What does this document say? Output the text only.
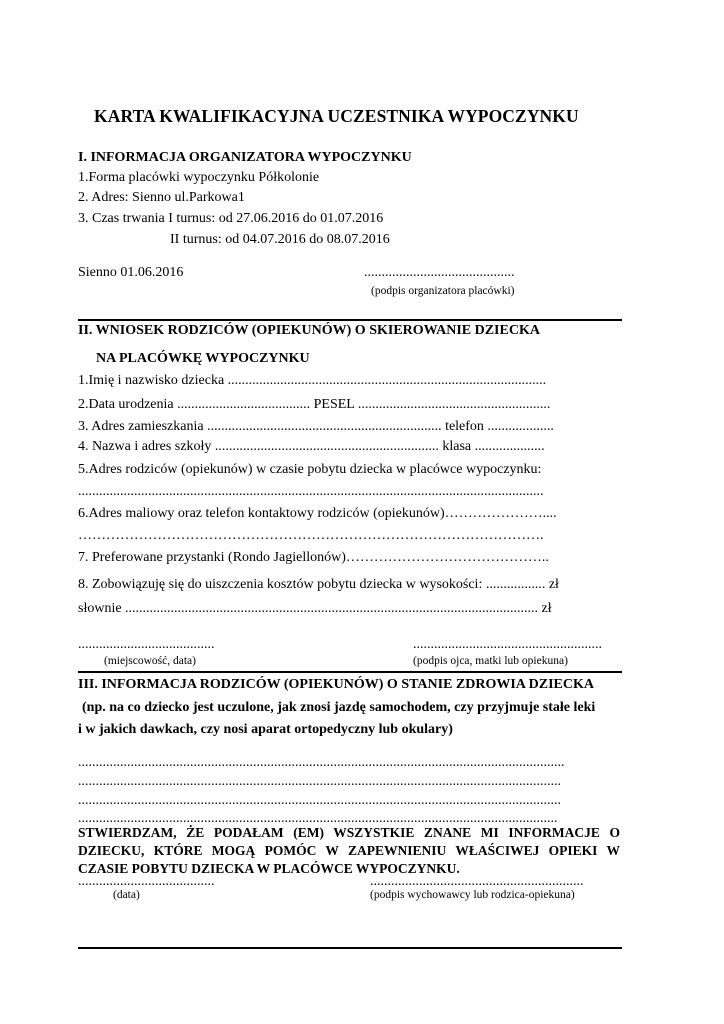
KARTA KWALIFIKACYJNA UCZESTNIKA WYPOCZYNKU
I. INFORMACJA ORGANIZATORA WYPOCZYNKU
1.Forma placówki wypoczynku Półkolonie
2. Adres: Sienno ul.Parkowa1
3. Czas trwania I turnus: od 27.06.2016 do 01.07.2016
II turnus: od 04.07.2016 do 08.07.2016
Sienno 01.06.2016	...........................................
(podpis organizatora placówki)
II. WNIOSEK RODZICÓW (OPIEKUNÓW) O SKIEROWANIE DZIECKA
NA PLACÓWKĘ WYPOCZYNKU
1.Imię i nazwisko dziecka ...........................................................................................
2.Data urodzenia ...................................... PESEL .......................................................
3. Adres zamieszkania ................................................................... telefon ...................
4. Nazwa i adres szkoły ................................................................ klasa ....................
5.Adres rodziców (opiekunów) w czasie pobytu dziecka w placówce wypoczynku:
.....................................................................................................................................
6.Adres maliowy oraz telefon kontaktowy rodziców (opiekunów)…………………....
……………………………………………………………………………………….
7. Preferowane przystanki (Rondo Jagiellonów)……………………………………..
8. Zobowiązuję się do uiszczenia kosztów pobytu dziecka w wysokości: ................. zł
słownie ...................................................................................................................... zł
.......................................
(miejscowość, data)
......................................................
(podpis ojca, matki lub opiekuna)
III. INFORMACJA RODZICÓW (OPIEKUNÓW) O STANIE ZDROWIA DZIECKA
(np. na co dziecko jest uczulone, jak znosi jazdę samochodem, czy przyjmuje stałe leki
i w jakich dawkach, czy nosi aparat ortopedyczny lub okulary)
...........................................................................................................................................
..........................................................................................................................................
..........................................................................................................................................
.........................................................................................................................................
STWIERDZAM, ŻE PODAŁAM (EM) WSZYSTKIE ZNANE MI INFORMACJE O DZIECKU, KTÓRE MOGĄ POMÓC W ZAPEWNIENIU WŁAŚCIWEJ OPIEKI W CZASIE POBYTU DZIECKA W PLACÓWCE WYPOCZYNKU.
.......................................
(data)
.............................................................
(podpis wychowawcy lub rodzica-opiekuna)
